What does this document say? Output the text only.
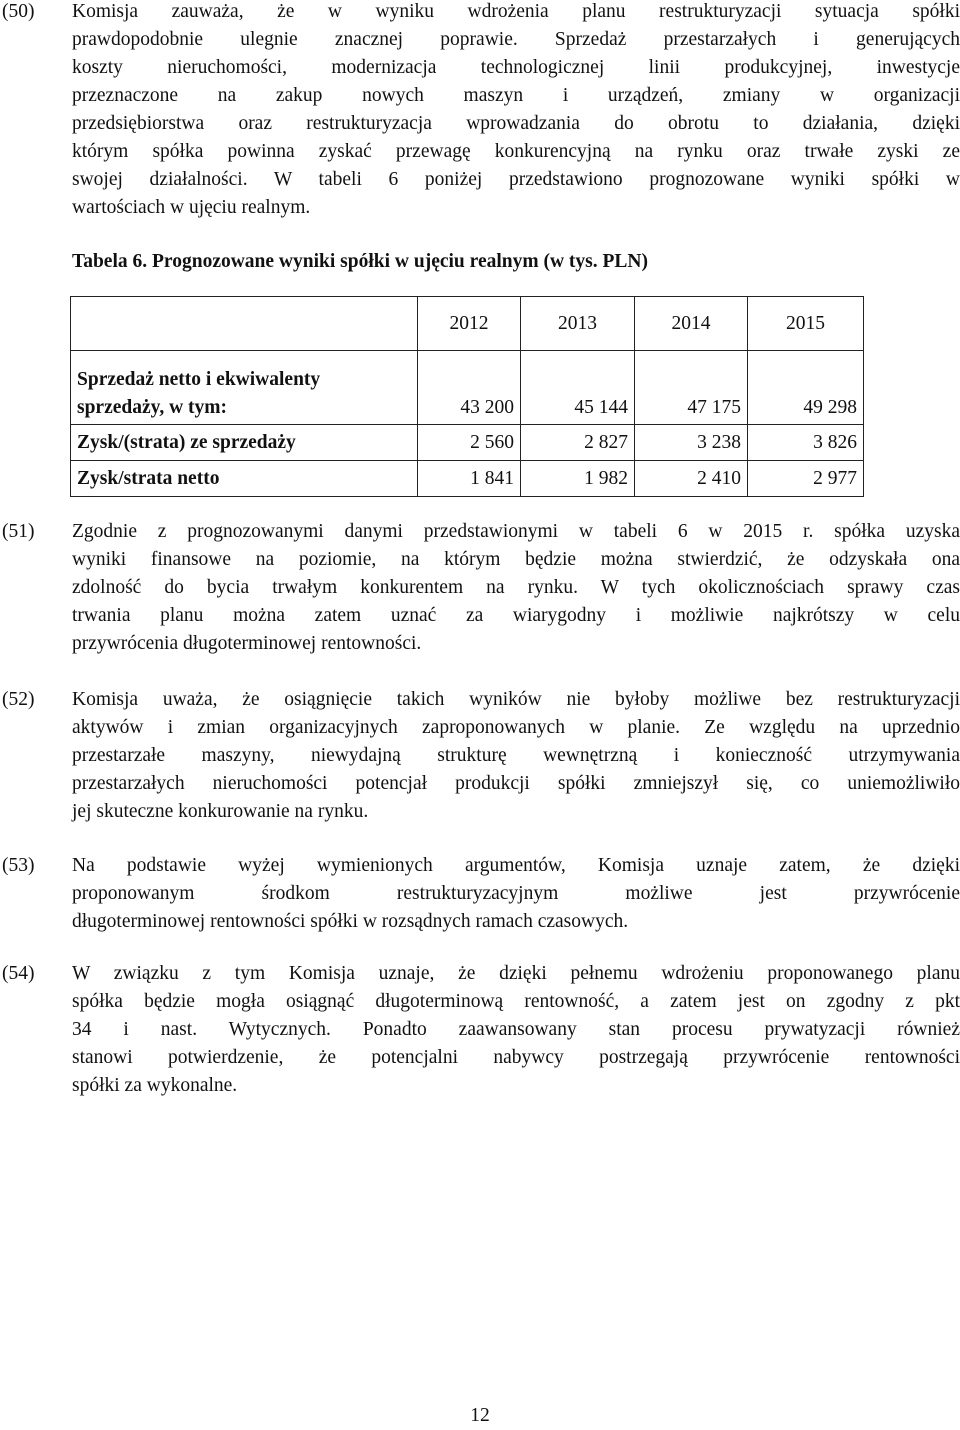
(50)	Komisja zauważa, że w wyniku wdrożenia planu restrukturyzacji sytuacja spółki
prawdopodobnie ulegnie znacznej poprawie. Sprzedaż przestarzałych i generujących
koszty nieruchomości, modernizacja technologicznej linii produkcyjnej, inwestycje
przeznaczone na zakup nowych maszyn i urządzeń, zmiany w organizacji
przedsiębiorstwa oraz restrukturyzacja wprowadzania do obrotu to działania, dzięki
którym spółka powinna zyskać przewagę konkurencyjną na rynku oraz trwałe zyski ze
swojej działalności. W tabeli 6 poniżej przedstawiono prognozowane wyniki spółki w
wartościach w ujęciu realnym.
Tabela 6. Prognozowane wyniki spółki w ujęciu realnym (w tys. PLN)
	2012	2013	2014	2015

Sprzedaż netto i ekwiwalenty
sprzedaży, w tym:	43 200	45 144	47 175	49 298
Zysk/(strata) ze sprzedaży	2 560	2 827	3 238	3 826
Zysk/strata netto	1 841	1 982	2 410	2 977
(51)	Zgodnie z prognozowanymi danymi przedstawionymi w tabeli 6 w 2015 r. spółka uzyska
wyniki finansowe na poziomie, na którym będzie można stwierdzić, że odzyskała ona
zdolność do bycia trwałym konkurentem na rynku. W tych okolicznościach sprawy czas
trwania planu można zatem uznać za wiarygodny i możliwie najkrótszy w celu
przywrócenia długoterminowej rentowności.
(52)	Komisja uważa, że osiągnięcie takich wyników nie byłoby możliwe bez restrukturyzacji
aktywów i zmian organizacyjnych zaproponowanych w planie. Ze względu na uprzednio
przestarzałe maszyny, niewydajną strukturę wewnętrzną i konieczność utrzymywania
przestarzałych nieruchomości potencjał produkcji spółki zmniejszył się, co uniemożliwiło
jej skuteczne konkurowanie na rynku.
(53)	Na podstawie wyżej wymienionych argumentów, Komisja uznaje zatem, że dzięki
proponowanym środkom restrukturyzacyjnym możliwe jest przywrócenie
długoterminowej rentowności spółki w rozsądnych ramach czasowych.
(54)	W związku z tym Komisja uznaje, że dzięki pełnemu wdrożeniu proponowanego planu
spółka będzie mogła osiągnąć długoterminową rentowność, a zatem jest on zgodny z pkt
34 i nast. Wytycznych. Ponadto zaawansowany stan procesu prywatyzacji również
stanowi potwierdzenie, że potencjalni nabywcy postrzegają przywrócenie rentowności
spółki za wykonalne.
12
